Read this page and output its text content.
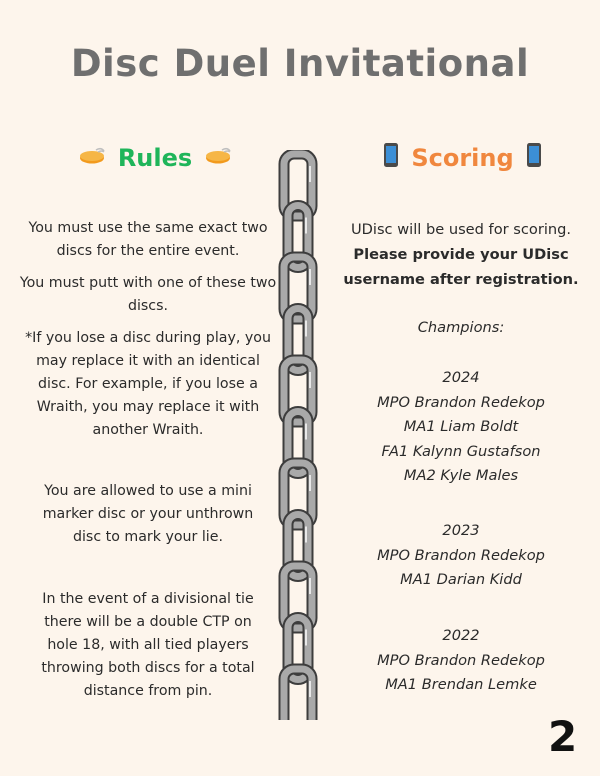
Disc Duel Invitational
Rules	Scoring
You must use the same exact two discs for the entire event.
You must putt with one of these two discs.
*If you lose a disc during play, you may replace it with an identical disc. For example, if you lose a Wraith, you may replace it with another Wraith.
You are allowed to use a mini marker disc or your unthrown disc to mark your lie.
In the event of a divisional tie there will be a double CTP on hole 18, with all tied players throwing both discs for a total distance from pin.
UDisc will be used for scoring.
Please provide your UDisc username after registration.
Champions:
2024
MPO Brandon Redekop
MA1 Liam Boldt
FA1 Kalynn Gustafson
MA2 Kyle Males
2023
MPO Brandon Redekop
MA1 Darian Kidd
2022
MPO Brandon Redekop
MA1 Brendan Lemke
2
